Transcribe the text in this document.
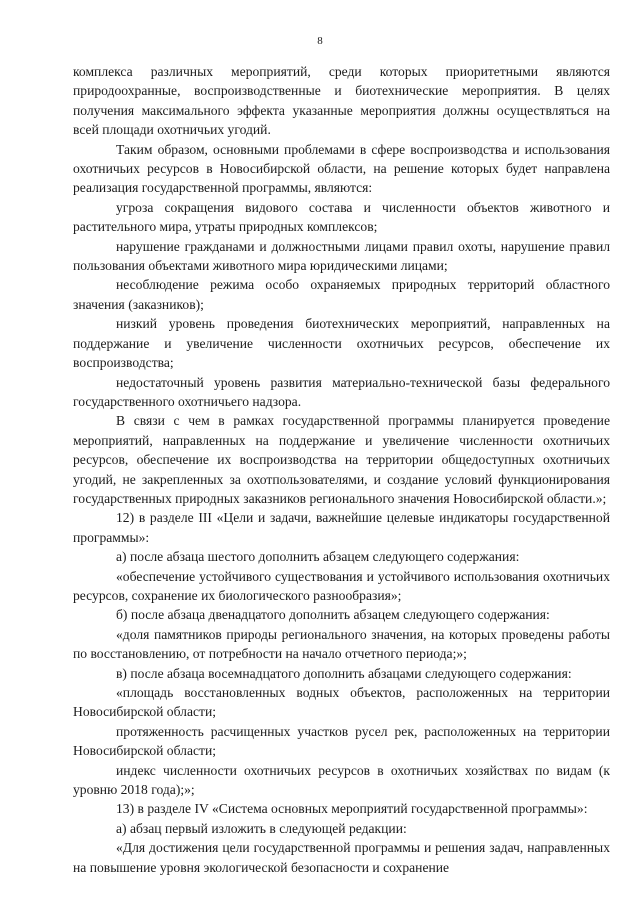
8

комплекса различных мероприятий, среди которых приоритетными являются природоохранные, воспроизводственные и биотехнические мероприятия. В целях получения максимального эффекта указанные мероприятия должны осуществляться на всей площади охотничьих угодий.

Таким образом, основными проблемами в сфере воспроизводства и использования охотничьих ресурсов в Новосибирской области, на решение которых будет направлена реализация государственной программы, являются:

угроза сокращения видового состава и численности объектов животного и растительного мира, утраты природных комплексов;

нарушение гражданами и должностными лицами правил охоты, нарушение правил пользования объектами животного мира юридическими лицами;

несоблюдение режима особо охраняемых природных территорий областного значения (заказников);

низкий уровень проведения биотехнических мероприятий, направленных на поддержание и увеличение численности охотничьих ресурсов, обеспечение их воспроизводства;

недостаточный уровень развития материально-технической базы федерального государственного охотничьего надзора.

В связи с чем в рамках государственной программы планируется проведение мероприятий, направленных на поддержание и увеличение численности охотничьих ресурсов, обеспечение их воспроизводства на территории общедоступных охотничьих угодий, не закрепленных за охотпользователями, и создание условий функционирования государственных природных заказников регионального значения Новосибирской области.»;

12) в разделе III «Цели и задачи, важнейшие целевые индикаторы государственной программы»:

а) после абзаца шестого дополнить абзацем следующего содержания:

«обеспечение устойчивого существования и устойчивого использования охотничьих ресурсов, сохранение их биологического разнообразия»;

б) после абзаца двенадцатого дополнить абзацем следующего содержания:

«доля памятников природы регионального значения, на которых проведены работы по восстановлению, от потребности на начало отчетного периода;»;

в) после абзаца восемнадцатого дополнить абзацами следующего содержания:

«площадь восстановленных водных объектов, расположенных на территории Новосибирской области;

протяженность расчищенных участков русел рек, расположенных на территории Новосибирской области;

индекс численности охотничьих ресурсов в охотничьих хозяйствах по видам (к уровню 2018 года);»;

13) в разделе IV «Система основных мероприятий государственной программы»:

а) абзац первый изложить в следующей редакции:

«Для достижения цели государственной программы и решения задач, направленных на повышение уровня экологической безопасности и сохранение
